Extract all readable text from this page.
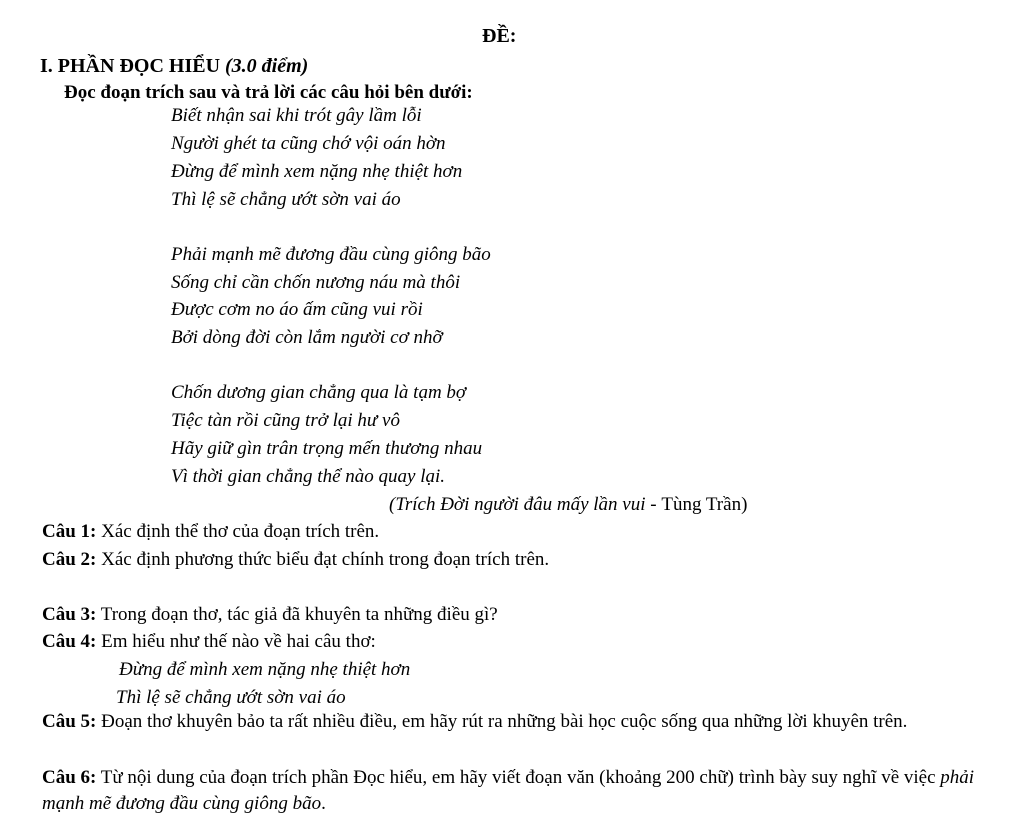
ĐỀ:
I. PHẦN ĐỌC HIỂU (3.0 điểm)
Đọc đoạn trích sau và trả lời các câu hỏi bên dưới:
Biết nhận sai khi trót gây lầm lỗi
Người ghét ta cũng chớ vội oán hờn
Đừng để mình xem nặng nhẹ thiệt hơn
Thì lệ sẽ chẳng ướt sờn vai áo
Phải mạnh mẽ đương đầu cùng giông bão
Sống chỉ cần chốn nương náu mà thôi
Được cơm no áo ấm cũng vui rồi
Bởi dòng đời còn lắm người cơ nhỡ
Chốn dương gian chẳng qua là tạm bợ
Tiệc tàn rồi cũng trở lại hư vô
Hãy giữ gìn trân trọng mến thương nhau
Vì thời gian chẳng thể nào quay lại.
(Trích Đời người đâu mấy lần vui - Tùng Trần)
Câu 1: Xác định thể thơ của đoạn trích trên.
Câu 2: Xác định phương thức biểu đạt chính trong đoạn trích trên.
Câu 3: Trong đoạn thơ, tác giả đã khuyên ta những điều gì?
Câu 4: Em hiểu như thế nào về hai câu thơ:
Đừng để mình xem nặng nhẹ thiệt hơn
Thì lệ sẽ chẳng ướt sờn vai áo
Câu 5: Đoạn thơ khuyên bảo ta rất nhiều điều, em hãy rút ra những bài học cuộc sống qua những lời khuyên trên.
Câu 6: Từ nội dung của đoạn trích phần Đọc hiểu, em hãy viết đoạn văn (khoảng 200 chữ) trình bày suy nghĩ về việc phải mạnh mẽ đương đầu cùng giông bão.
